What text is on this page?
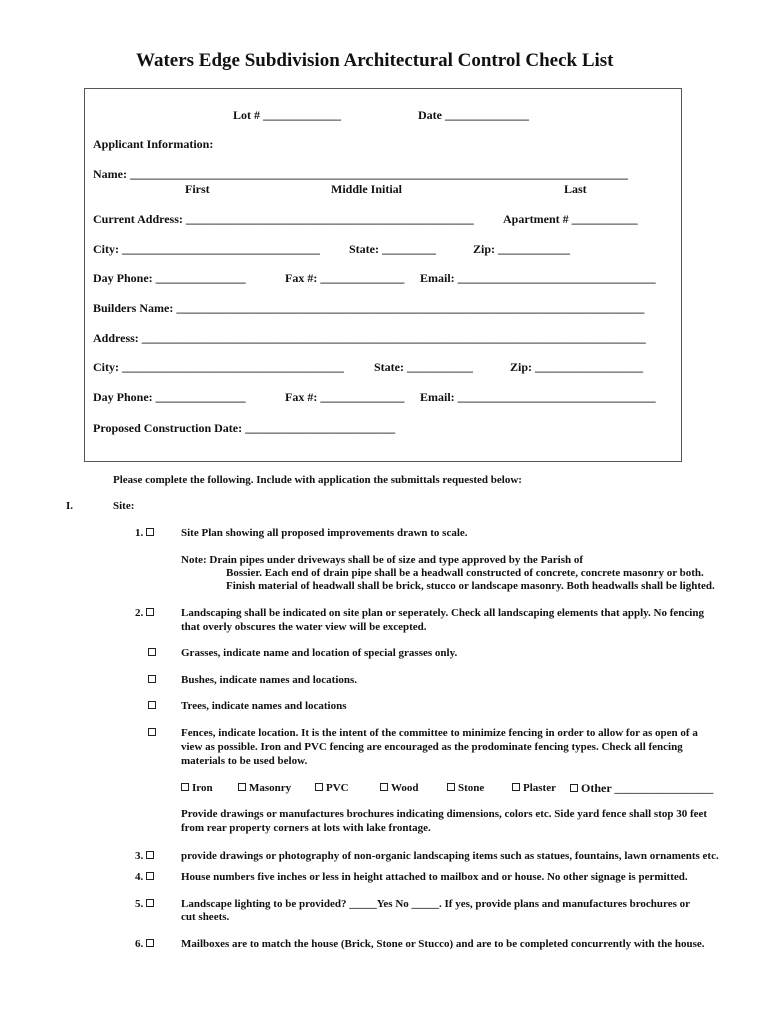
Waters Edge Subdivision Architectural Control Check List
Lot # _____________	Date ______________
Applicant Information:
Name: ___________________________________________________________________________________
First	Middle Initial	Last
Current Address: ________________________________________________ Apartment # ___________
City: _________________________________ State: _________	Zip: ____________
Day Phone: _______________	Fax #: ______________ Email: _________________________________
Builders Name: ______________________________________________________________________________
Address: ____________________________________________________________________________________
City: _____________________________________	State: ___________	Zip: __________________
Day Phone: _______________	Fax #: ______________ Email: _________________________________
Proposed Construction Date: _________________________
Please complete the following. Include with application the submittals requested below:
I.	Site:
1.	Site Plan showing all proposed improvements drawn to scale.
Note: Drain pipes under driveways shall be of size and type approved by the Parish of
Bossier. Each end of drain pipe shall be a headwall constructed of concrete, concrete masonry or both.
Finish material of headwall shall be brick, stucco or landscape masonry. Both headwalls shall be lighted.
2.	Landscaping shall be indicated on site plan or seperately. Check all landscaping elements that apply. No fencing
that overly obscures the water view will be excepted.
Grasses, indicate name and location of special grasses only.
Bushes, indicate names and locations.
Trees, indicate names and locations
Fences, indicate location. It is the intent of the committee to minimize fencing in order to allow for as open of a
view as possible. Iron and PVC fencing are encouraged as the prodominate fencing types. Check all fencing
materials to be used below.
Iron	Masonry	PVC	Wood	Stone	Plaster	Other __________________
Provide drawings or manufactures brochures indicating dimensions, colors etc. Side yard fence shall stop 30 feet
from rear property corners at lots with lake frontage.
3.	provide drawings or photography of non-organic landscaping items such as statues, fountains, lawn ornaments etc.
4.	House numbers five inches or less in height attached to mailbox and or house. No other signage is permitted.
5.	Landscape lighting to be provided? _____Yes No _____. If yes, provide plans and manufactures brochures or
cut sheets.
6.	Mailboxes are to match the house (Brick, Stone or Stucco) and are to be completed concurrently with the house.
